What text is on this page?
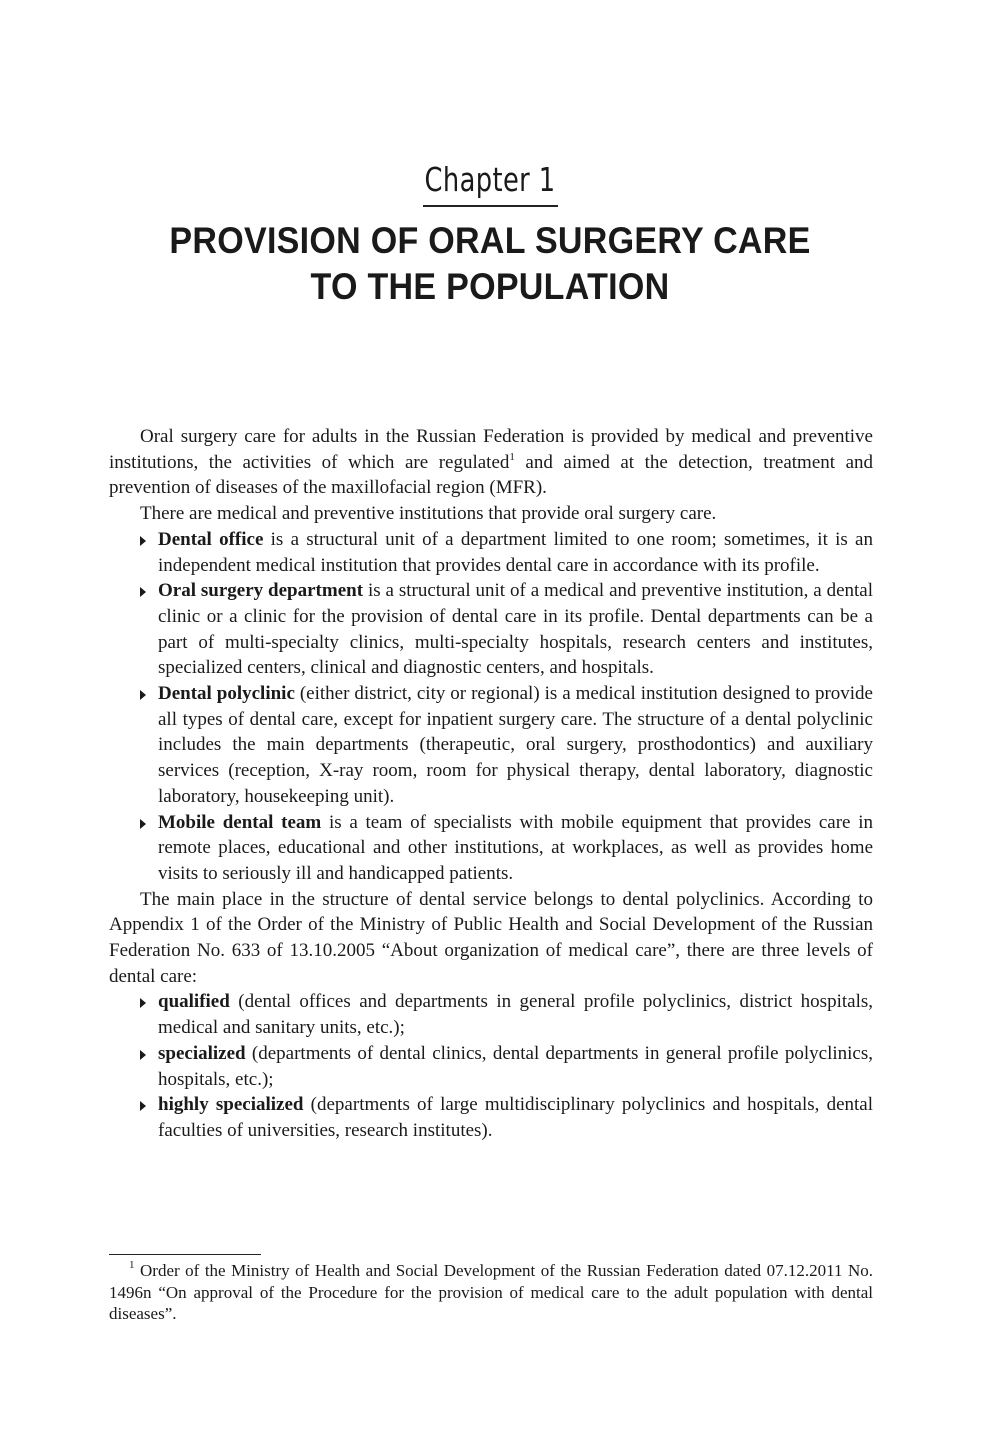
Chapter 1
PROVISION OF ORAL SURGERY CARE
TO THE POPULATION

Oral surgery care for adults in the Russian Federation is provided by medical and preventive institutions, the activities of which are regulated$^1$ and aimed at the detection, treatment and prevention of diseases of the maxillofacial region (MFR).

There are medical and preventive institutions that provide oral surgery care.

Dental office is a structural unit of a department limited to one room; sometimes, it is an independent medical institution that provides dental care in accordance with its profile.
Oral surgery department is a structural unit of a medical and preventive institution, a dental clinic or a clinic for the provision of dental care in its profile. Dental departments can be a part of multi-specialty clinics, multi-specialty hospitals, research centers and institutes, specialized centers, clinical and diagnostic centers, and hospitals.
Dental polyclinic (either district, city or regional) is a medical institution designed to provide all types of dental care, except for inpatient surgery care. The structure of a dental polyclinic includes the main departments (therapeutic, oral surgery, prosthodontics) and auxiliary services (reception, X-ray room, room for physical therapy, dental laboratory, diagnostic laboratory, housekeeping unit).
Mobile dental team is a team of specialists with mobile equipment that provides care in remote places, educational and other institutions, at workplaces, as well as provides home visits to seriously ill and handicapped patients.

The main place in the structure of dental service belongs to dental polyclinics. According to Appendix 1 of the Order of the Ministry of Public Health and Social Development of the Russian Federation No. 633 of 13.10.2005 “About organization of medical care”, there are three levels of dental care:

qualified (dental offices and departments in general profile polyclinics, district hospitals, medical and sanitary units, etc.);
specialized (departments of dental clinics, dental departments in general profile polyclinics, hospitals, etc.);
highly specialized (departments of large multidisciplinary polyclinics and hospitals, dental faculties of universities, research institutes).

$^1$ Order of the Ministry of Health and Social Development of the Russian Federation dated 07.12.2011 No. 1496n “On approval of the Procedure for the provision of medical care to the adult population with dental diseases”.
